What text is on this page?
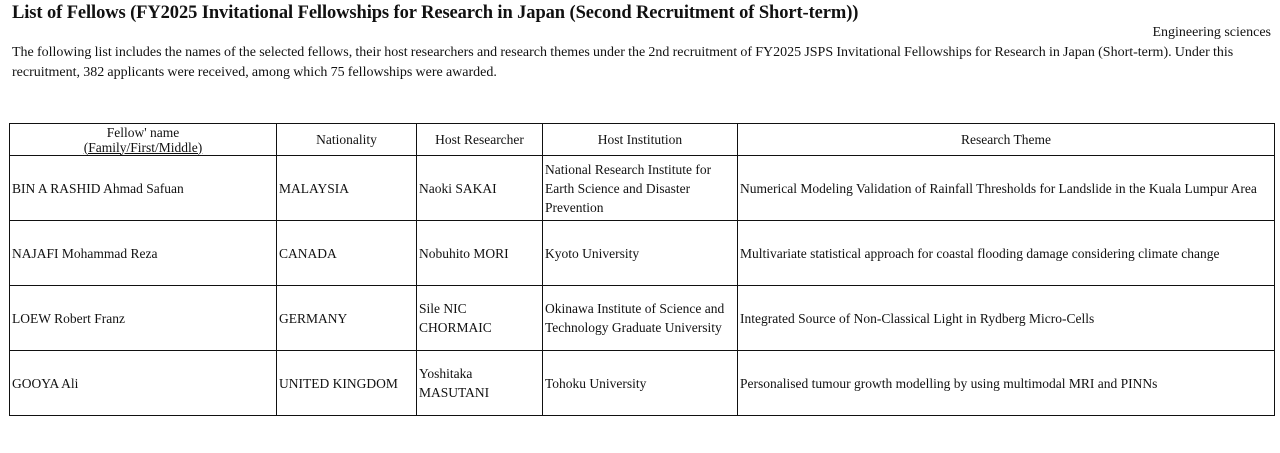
List of Fellows (FY2025 Invitational Fellowships for Research in Japan (Second Recruitment of Short-term))
Engineering sciences
The following list includes the names of the selected fellows, their host researchers and research themes under the 2nd recruitment of FY2025 JSPS Invitational Fellowships for Research in Japan (Short-term). Under this recruitment, 382 applicants were received, among which 75 fellowships were awarded.
Fellow' name
(Family/First/Middle)	Nationality	Host Researcher	Host Institution	Research Theme
BIN A RASHID Ahmad Safuan	MALAYSIA	Naoki SAKAI	National Research Institute for Earth Science and Disaster Prevention	Numerical Modeling Validation of Rainfall Thresholds for Landslide in the Kuala Lumpur Area
NAJAFI Mohammad Reza	CANADA	Nobuhito MORI	Kyoto University	Multivariate statistical approach for coastal flooding damage considering climate change
LOEW Robert Franz	GERMANY	Sile NIC CHORMAIC	Okinawa Institute of Science and Technology Graduate University	Integrated Source of Non-Classical Light in Rydberg Micro-Cells
GOOYA Ali	UNITED KINGDOM	Yoshitaka MASUTANI	Tohoku University	Personalised tumour growth modelling by using multimodal MRI and PINNs
